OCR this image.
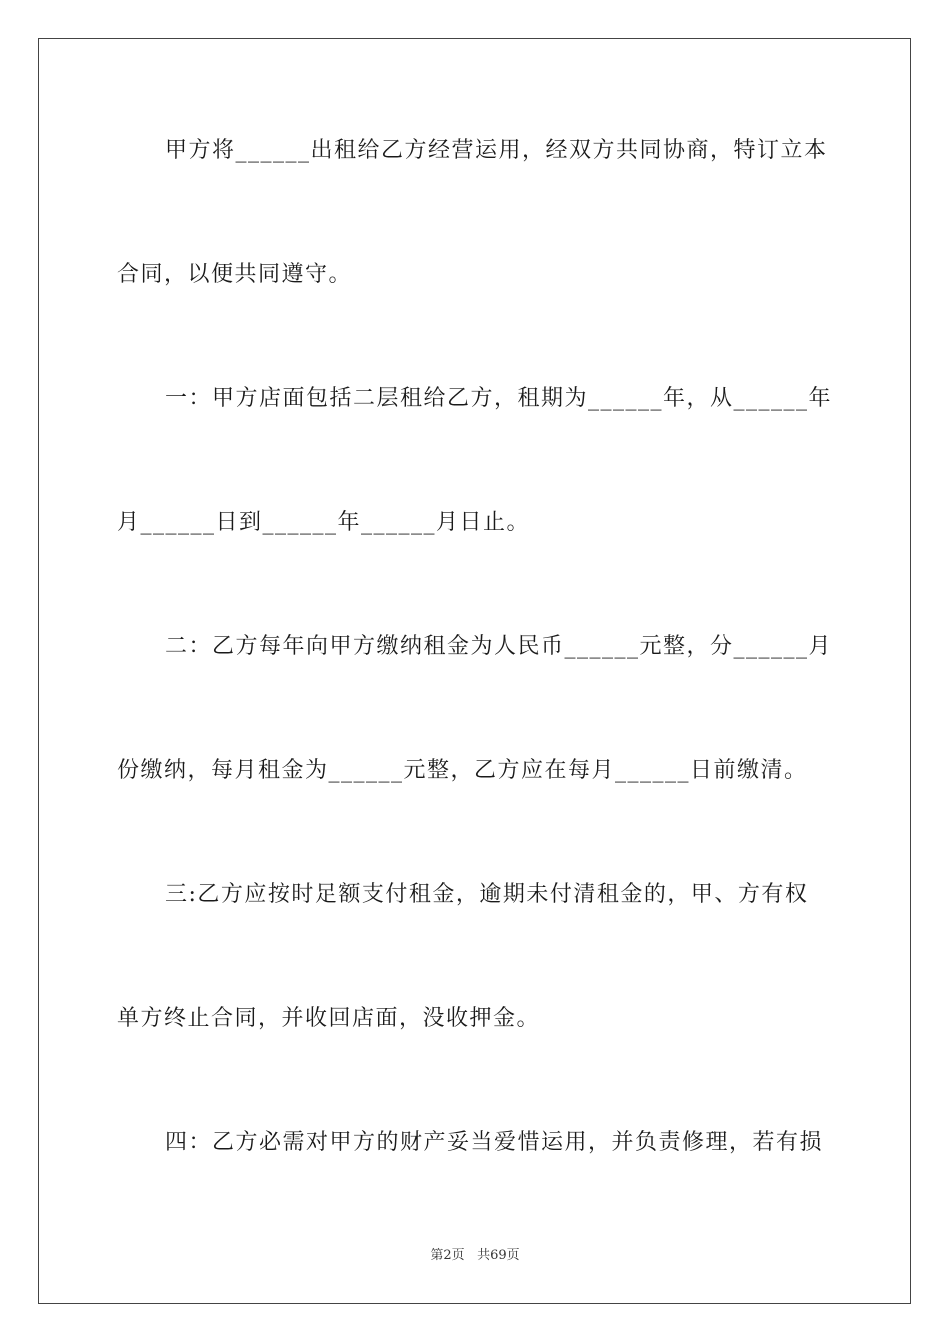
甲方将______出租给乙方经营运用，经双方共同协商，特订立本
合同，以便共同遵守。
一：甲方店面包括二层租给乙方，租期为______年，从______年
月______日到______年______月日止。
二：乙方每年向甲方缴纳租金为人民币______元整，分______月
份缴纳，每月租金为______元整，乙方应在每月______日前缴清。
三:乙方应按时足额支付租金，逾期未付清租金的，甲、方有权
单方终止合同，并收回店面，没收押金。
四：乙方必需对甲方的财产妥当爱惜运用，并负责修理，若有损
第2页 共69页
